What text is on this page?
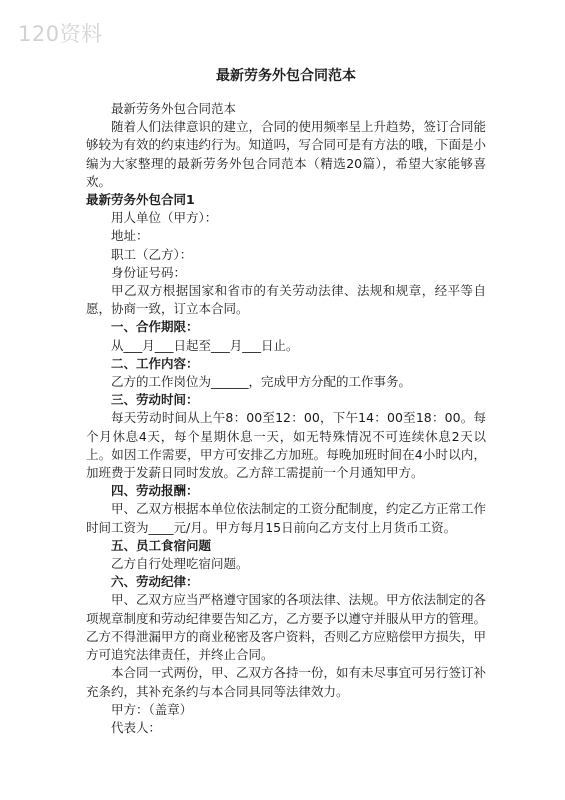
120资料
最新劳务外包合同范本

最新劳务外包合同范本

随着人们法律意识的建立，合同的使用频率呈上升趋势，签订合同能够较为有效的约束违约行为。知道吗，写合同可是有方法的哦，下面是小编为大家整理的最新劳务外包合同范本（精选20篇），希望大家能够喜欢。

最新劳务外包合同1

用人单位（甲方）：

地址：

职工（乙方）：

身份证号码：

甲乙双方根据国家和省市的有关劳动法律、法规和规章，经平等自愿，协商一致，订立本合同。

一、合作期限：

从___月___日起至___月___日止。

二、工作内容：

乙方的工作岗位为______，完成甲方分配的工作事务。

三、劳动时间：

每天劳动时间从上午8：00至12：00，下午14：00至18：00。每个月休息4天，每个星期休息一天，如无特殊情况不可连续休息2天以上。如因工作需要，甲方可安排乙方加班。每晚加班时间在4小时以内，加班费于发薪日同时发放。乙方辞工需提前一个月通知甲方。

四、劳动报酬：

甲、乙双方根据本单位依法制定的工资分配制度，约定乙方正常工作时间工资为____元/月。甲方每月15日前向乙方支付上月货币工资。

五、员工食宿问题

乙方自行处理吃宿问题。

六、劳动纪律：

甲、乙双方应当严格遵守国家的各项法律、法规。甲方依法制定的各项规章制度和劳动纪律要告知乙方，乙方要予以遵守并服从甲方的管理。乙方不得泄漏甲方的商业秘密及客户资料，否则乙方应赔偿甲方损失，甲方可追究法律责任，并终止合同。

本合同一式两份，甲、乙双方各持一份，如有未尽事宜可另行签订补充条约，其补充条约与本合同具同等法律效力。

甲方：（盖章）

代表人：
